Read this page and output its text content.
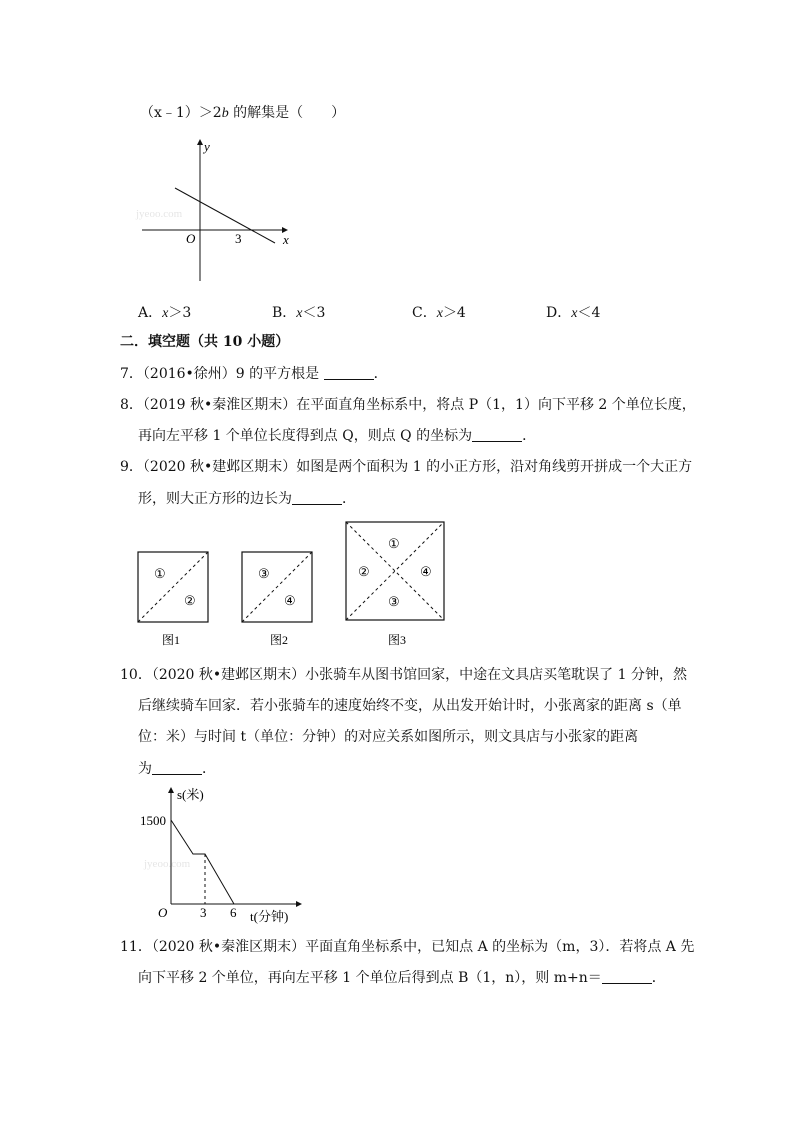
（x﹣1）＞2b 的解集是（　　）
jyeoo.com
y
x
O	3
A．x＞3	B．x＜3	C．x＞4	D．x＜4
二．填空题（共 10 小题）
7．（2016•徐州）9 的平方根是	．
8．（2019 秋•秦淮区期末）在平面直角坐标系中，将点 P（1，1）向下平移 2 个单位长度，
再向左平移 1 个单位长度得到点 Q，则点 Q 的坐标为	．
9．（2020 秋•建邺区期末）如图是两个面积为 1 的小正方形，沿对角线剪开拼成一个大正方
形，则大正方形的边长为	．
①
②
图1
③
④
图2
①
②	④
③
图3
10．（2020 秋•建邺区期末）小张骑车从图书馆回家，中途在文具店买笔耽误了 1 分钟，然
后继续骑车回家．若小张骑车的速度始终不变，从出发开始计时，小张离家的距离 s（单
位：米）与时间 t（单位：分钟）的对应关系如图所示，则文具店与小张家的距离
为	．
jyeoo.com
s(米)
1500
O	3 6 t(分钟)
11．（2020 秋•秦淮区期末）平面直角坐标系中，已知点 A 的坐标为（m，3）．若将点 A 先
向下平移 2 个单位，再向左平移 1 个单位后得到点 B（1，n），则 m+n＝	．
